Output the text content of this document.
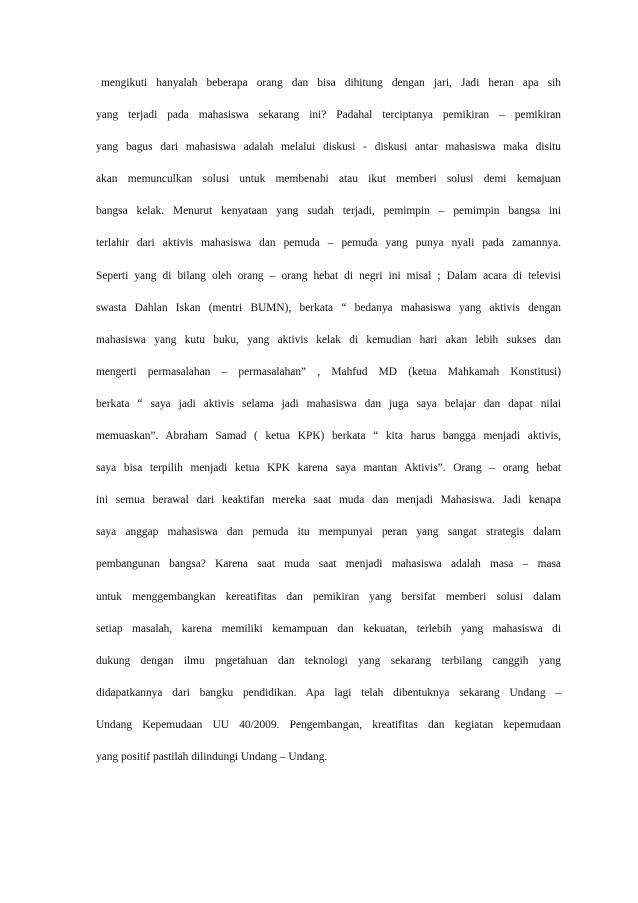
mengikuti hanyalah beberapa orang dan bisa dihitung dengan jari, Jadi heran apa sih
yang terjadi pada mahasiswa sekarang ini? Padahal terciptanya pemikiran – pemikiran
yang bagus dari mahasiswa adalah melalui diskusi - diskusi antar mahasiswa maka disitu
akan memunculkan solusi untuk membenahi atau ikut memberi solusi demi kemajuan
bangsa kelak. Menurut kenyataan yang sudah terjadi, pemimpin – pemimpin bangsa ini
terlahir dari aktivis mahasiswa dan pemuda – pemuda yang punya nyali pada zamannya.
Seperti yang di bilang oleh orang – orang hebat di negri ini misal ; Dalam acara di televisi
swasta Dahlan Iskan (mentri BUMN), berkata “ bedanya mahasiswa yang aktivis dengan
mahasiswa yang kutu buku, yang aktivis kelak di kemudian hari akan lebih sukses dan
mengerti permasalahan – permasalahan” , Mahfud MD (ketua Mahkamah Konstitusi)
berkata “ saya jadi aktivis selama jadi mahasiswa dan juga saya belajar dan dapat nilai
memuaskan”. Abraham Samad ( ketua KPK) berkata “ kita harus bangga menjadi aktivis,
saya bisa terpilih menjadi ketua KPK karena saya mantan Aktivis”. Orang – orang hebat
ini semua berawal dari keaktifan mereka saat muda dan menjadi Mahasiswa. Jadi kenapa
saya anggap mahasiswa dan pemuda itu mempunyai peran yang sangat strategis dalam
pembangunan bangsa? Karena saat muda saat menjadi mahasiswa adalah masa – masa
untuk menggembangkan kereatifitas dan pemikiran yang bersifat memberi solusi dalam
setiap masalah, karena memiliki kemampuan dan kekuatan, terlebih yang mahasiswa di
dukung dengan ilmu pngetahuan dan teknologi yang sekarang terbilang canggih yang
didapatkannya dari bangku pendidikan. Apa lagi telah dibentuknya sekarang Undang –
Undang Kepemudaan UU 40/2009. Pengembangan, kreatifitas dan kegiatan kepemudaan
yang positif pastilah dilindungi Undang – Undang.
